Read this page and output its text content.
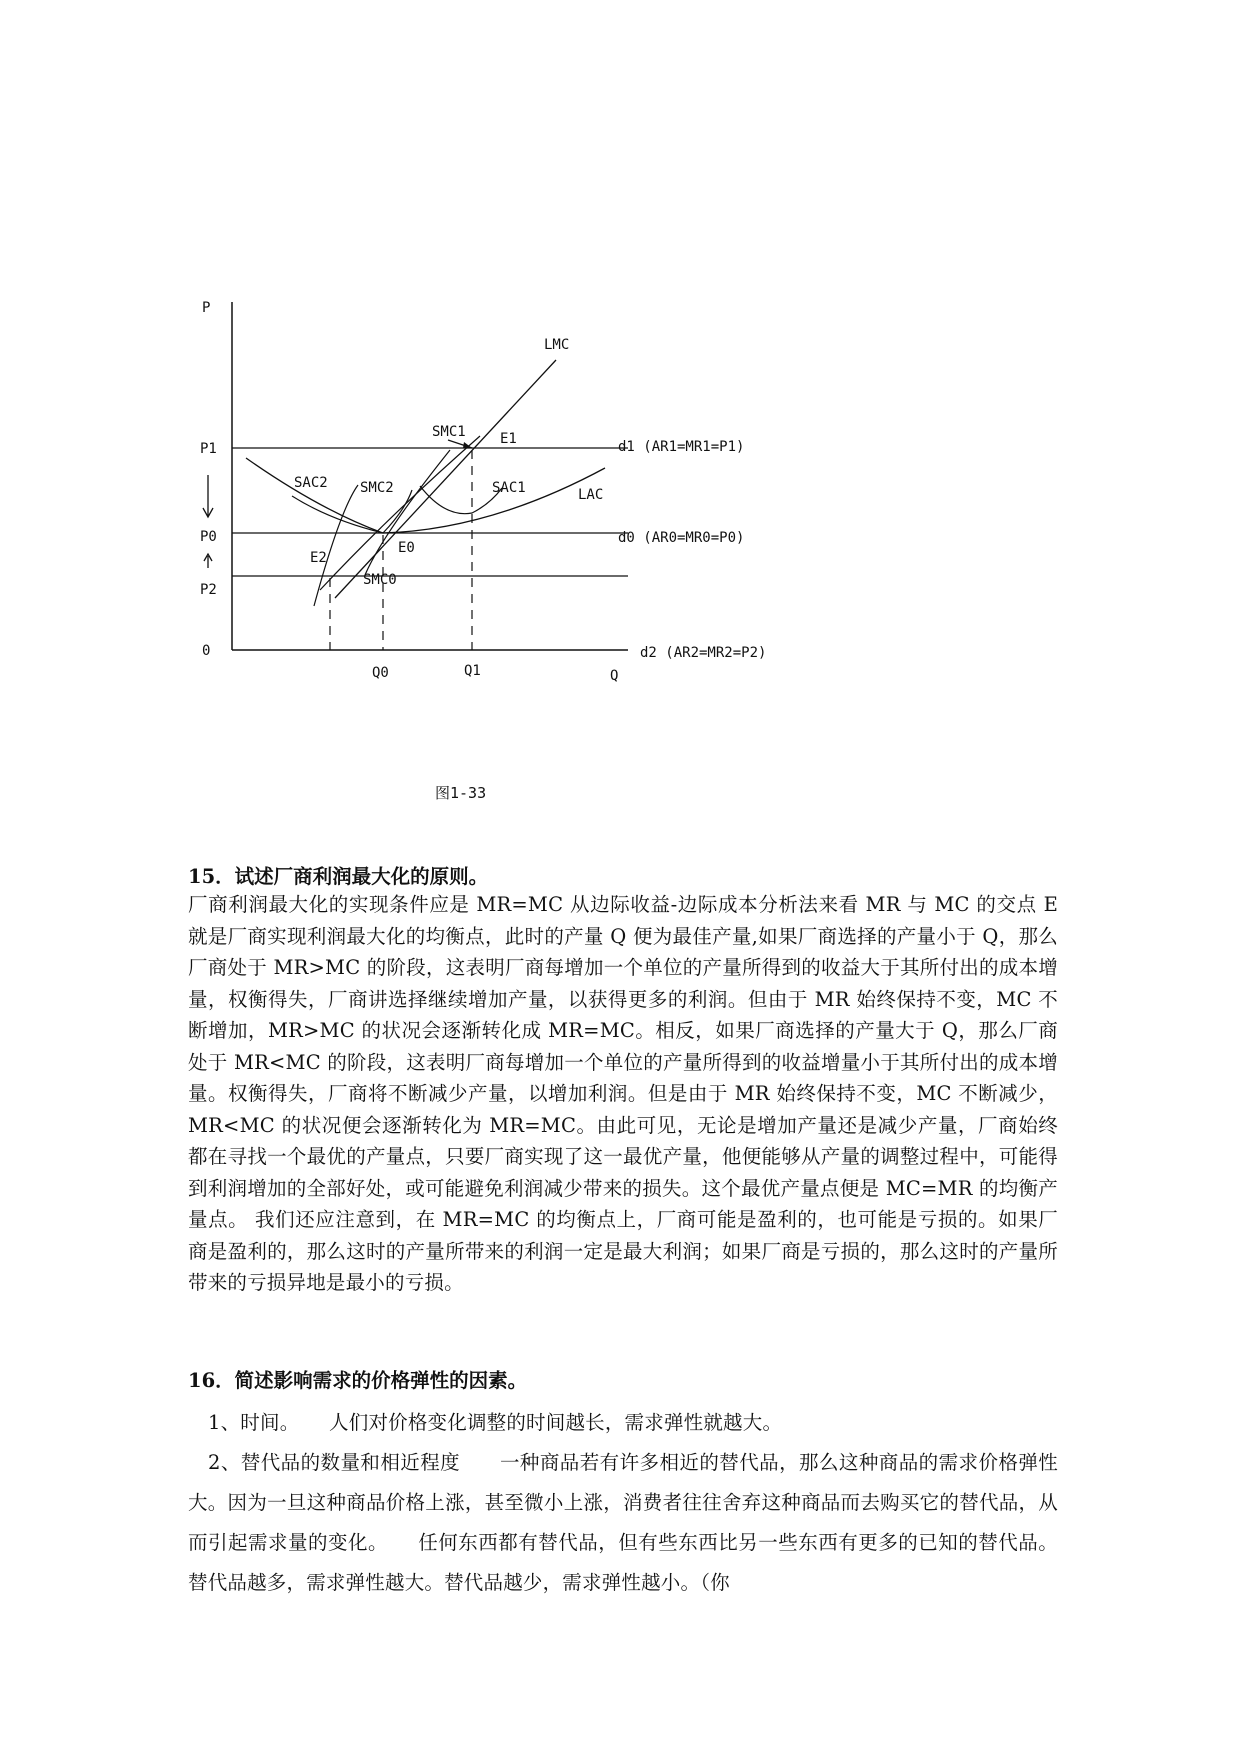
P
P1
P0
P2
0
Q0	Q1	Q
LMC
LAC
SMC1 E1
SAC2 SMC2	SAC1
E0
E2
SMC0
d1 (AR1=MR1=P1)
d0 (AR0=MR0=P0)
d2 (AR2=MR2=P2)
图1-33
15．试述厂商利润最大化的原则。
厂商利润最大化的实现条件应是 MR=MC 从边际收益-边际成本分析法来看 MR 与 MC 的交点 E 就是厂商实现利润最大化的均衡点，此时的产量 Q 便为最佳产量,如果厂商选择的产量小于 Q，那么厂商处于 MR>MC 的阶段，这表明厂商每增加一个单位的产量所得到的收益大于其所付出的成本增量，权衡得失，厂商讲选择继续增加产量，以获得更多的利润。但由于 MR 始终保持不变，MC 不断增加，MR>MC 的状况会逐渐转化成 MR=MC。相反，如果厂商选择的产量大于 Q，那么厂商处于 MR<MC 的阶段，这表明厂商每增加一个单位的产量所得到的收益增量小于其所付出的成本增量。权衡得失，厂商将不断减少产量，以增加利润。但是由于 MR 始终保持不变，MC 不断减少，MR<MC 的状况便会逐渐转化为 MR=MC。由此可见，无论是增加产量还是减少产量，厂商始终都在寻找一个最优的产量点，只要厂商实现了这一最优产量，他便能够从产量的调整过程中，可能得到利润增加的全部好处，或可能避免利润减少带来的损失。这个最优产量点便是 MC=MR 的均衡产量点。 我们还应注意到，在 MR=MC 的均衡点上，厂商可能是盈利的，也可能是亏损的。如果厂商是盈利的，那么这时的产量所带来的利润一定是最大利润；如果厂商是亏损的，那么这时的产量所带来的亏损异地是最小的亏损。
16．简述影响需求的价格弹性的因素。
1、时间。　　人们对价格变化调整的时间越长，需求弹性就越大。
2、替代品的数量和相近程度　　一种商品若有许多相近的替代品，那么这种商品的需求价格弹性大。因为一旦这种商品价格上涨，甚至微小上涨，消费者往往舍弃这种商品而去购买它的替代品，从而引起需求量的变化。　　任何东西都有替代品，但有些东西比另一些东西有更多的已知的替代品。替代品越多，需求弹性越大。替代品越少，需求弹性越小。（你
